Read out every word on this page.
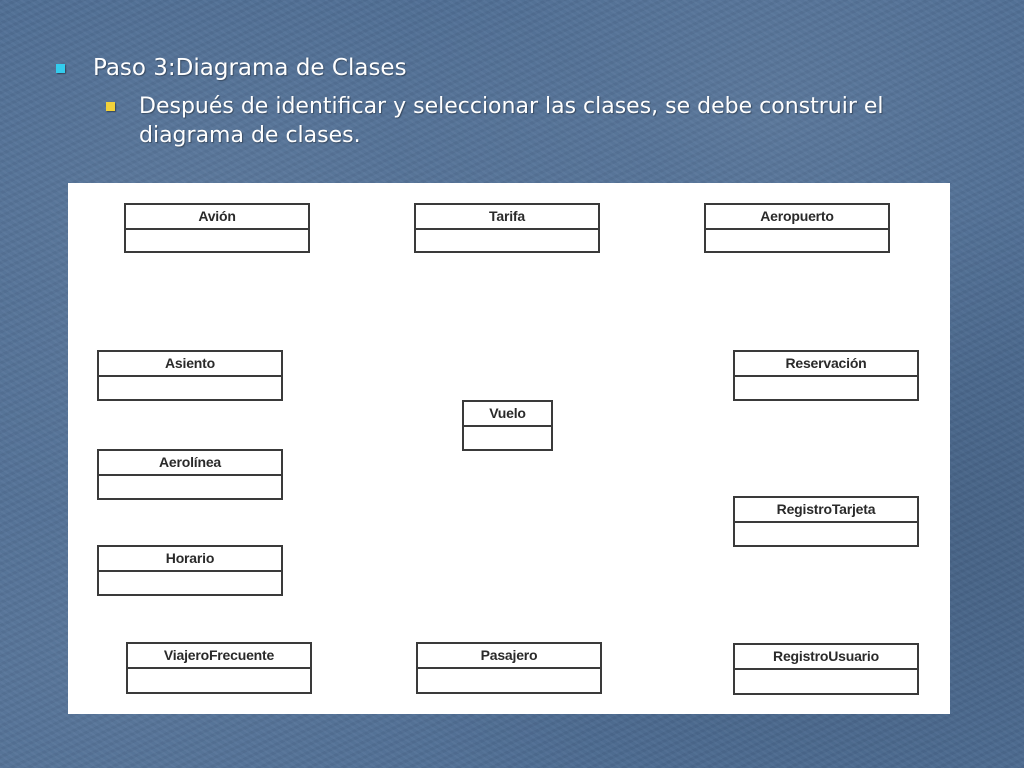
Paso 3:Diagrama de Clases
Después de identificar y seleccionar las clases, se debe construir el diagrama de clases.
Avión	Tarifa	Aeropuerto
Asiento	Reservación
Vuelo
Aerolínea
RegistroTarjeta
Horario
ViajeroFrecuente	Pasajero	RegistroUsuario
